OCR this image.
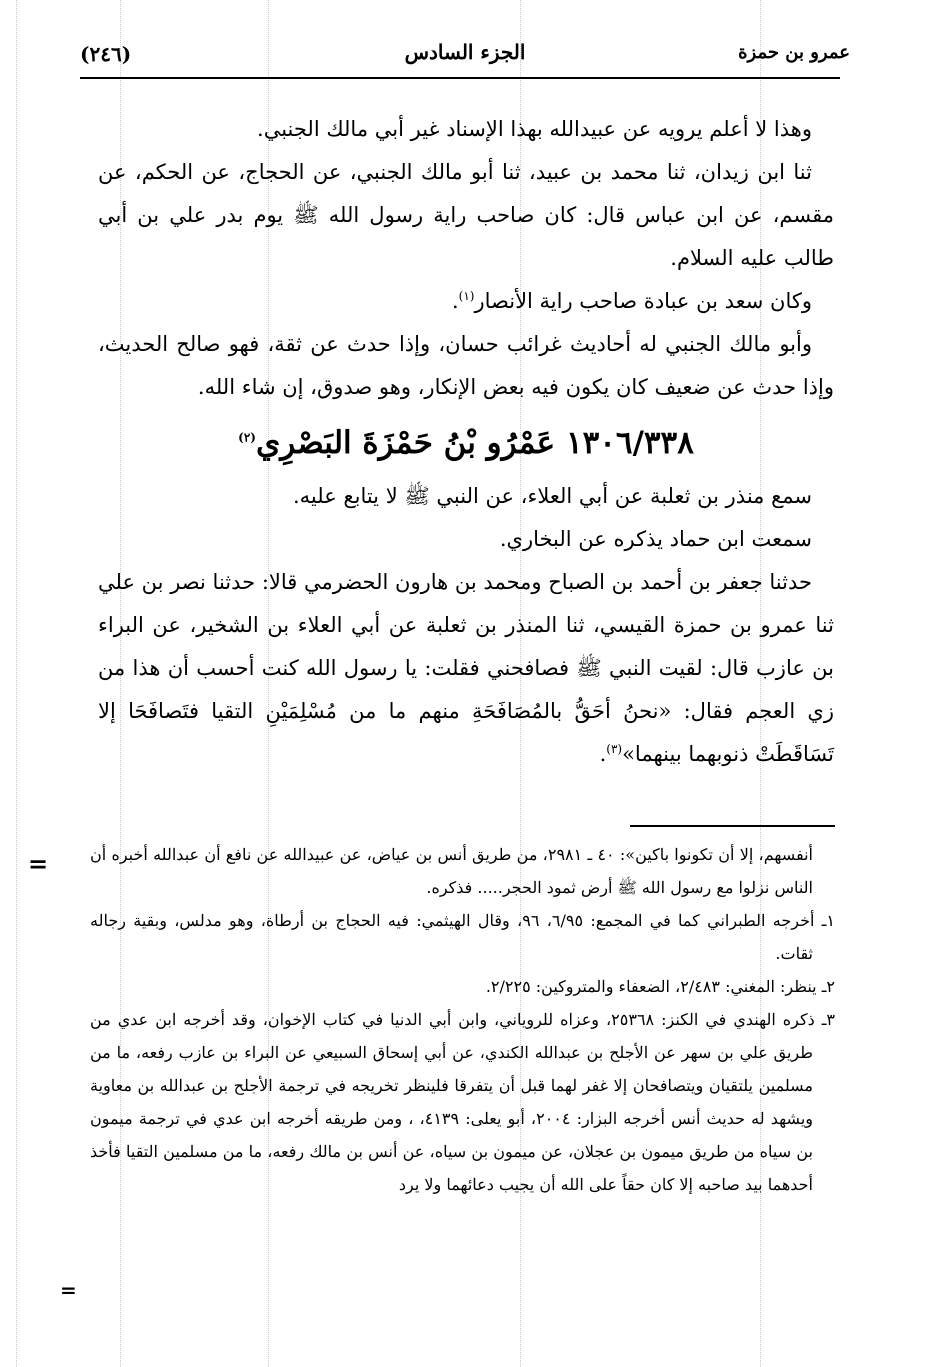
(٢٤٦)	الجزء السادس	عمرو بن حمزة

وهذا لا أعلم يرويه عن عبيدالله بهذا الإسناد غير أبي مالك الجنبي.

ثنا ابن زيدان، ثنا محمد بن عبيد، ثنا أبو مالك الجنبي، عن الحجاج، عن الحكم، عن مقسم، عن ابن عباس قال: كان صاحب راية رسول الله ﷺ يوم بدر علي بن أبي طالب عليه السلام.

وكان سعد بن عبادة صاحب راية الأنصار$^{(١)}$.

وأبو مالك الجنبي له أحاديث غرائب حسان، وإذا حدث عن ثقة، فهو صالح الحديث، وإذا حدث عن ضعيف كان يكون فيه بعض الإنكار، وهو صدوق، إن شاء الله.

١٣٠٦/٣٣٨ عَمْرُو بْنُ حَمْزَةَ البَصْرِي$^{(٢)}$

سمع منذر بن ثعلبة عن أبي العلاء، عن النبي ﷺ لا يتابع عليه.

سمعت ابن حماد يذكره عن البخاري.

حدثنا جعفر بن أحمد بن الصباح ومحمد بن هارون الحضرمي قالا: حدثنا نصر بن علي ثنا عمرو بن حمزة القيسي، ثنا المنذر بن ثعلبة عن أبي العلاء بن الشخير، عن البراء بن عازب قال: لقيت النبي ﷺ فصافحني فقلت: يا رسول الله كنت أحسب أن هذا من زي العجم فقال: «نحنُ أحَقُّ بالمُصَافَحَةِ منهم ما من مُسْلِمَيْنِ التقيا فتَصافَحَا إلا تَسَاقَطَتْ ذنوبهما بينهما»$^{(٣)}$.

=	أنفسهم، إلا أن تكونوا باكين»: ٤٠ ـ ٢٩٨١، من طريق أنس بن عياض، عن عبيدالله عن نافع أن عبدالله أخبره أن الناس نزلوا مع رسول الله ﷺ أرض ثمود الحجر..... فذكره.

١ـ أخرجه الطبراني كما في المجمع: ٦/٩٥، ٩٦، وقال الهيثمي: فيه الحجاج بن أرطاة، وهو مدلس، وبقية رجاله ثقات.

٢ـ ينظر: المغني: ٢/٤٨٣، الضعفاء والمتروكين: ٢/٢٢٥.

٣ـ ذكره الهندي في الكنز: ٢٥٣٦٨، وعزاه للروياني، وابن أبي الدنيا في كتاب الإخوان، وقد أخرجه ابن عدي من طريق علي بن سهر عن الأجلح بن عبدالله الكندي، عن أبي إسحاق السبيعي عن البراء بن عازب رفعه، ما من مسلمين يلتقيان ويتصافحان إلا غفر لهما قبل أن يتفرقا فلينظر تخريجه في ترجمة الأجلح بن عبدالله بن معاوية ويشهد له حديث أنس أخرجه البزار: ٢٠٠٤، أبو يعلى: ٤١٣٩، ، ومن طريقه أخرجه ابن عدي في ترجمة ميمون بن سياه من طريق ميمون بن عجلان، عن ميمون بن سياه، عن أنس بن مالك رفعه، ما من مسلمين التقيا فأخذ أحدهما بيد صاحبه إلا كان حقاً على الله أن يجيب دعائهما ولا يرد

=
